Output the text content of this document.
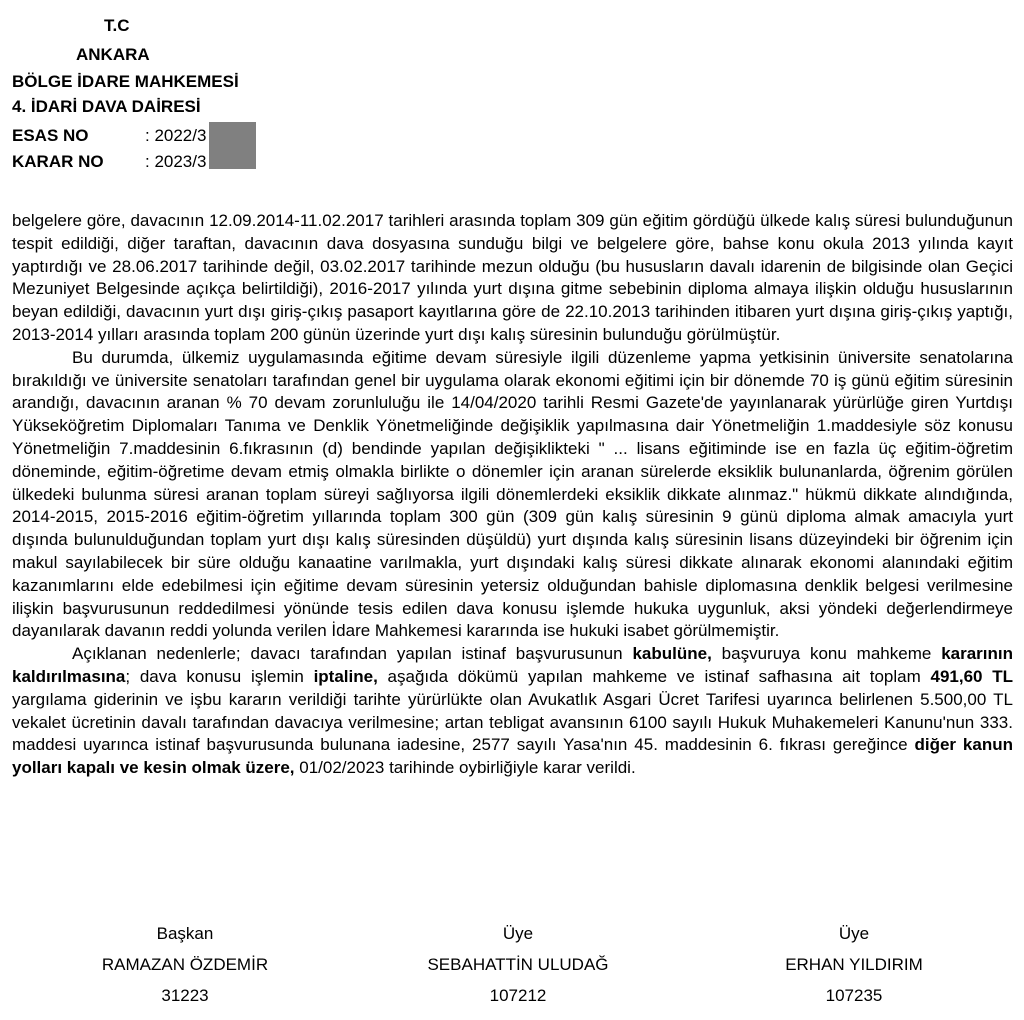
T.C
ANKARA
BÖLGE İDARE MAHKEMESİ
4. İDARİ DAVA DAİRESİ
ESAS NO	: 2022/3
KARAR NO : 2023/3

belgelere göre, davacının 12.09.2014-11.02.2017 tarihleri arasında toplam 309 gün eğitim gördüğü ülkede kalış süresi bulunduğunun tespit edildiği, diğer taraftan, davacının dava dosyasına sunduğu bilgi ve belgelere göre, bahse konu okula 2013 yılında kayıt yaptırdığı ve 28.06.2017 tarihinde değil, 03.02.2017 tarihinde mezun olduğu (bu hususların davalı idarenin de bilgisinde olan Geçici Mezuniyet Belgesinde açıkça belirtildiği), 2016-2017 yılında yurt dışına gitme sebebinin diploma almaya ilişkin olduğu hususlarının beyan edildiği, davacının yurt dışı giriş-çıkış pasaport kayıtlarına göre de 22.10.2013 tarihinden itibaren yurt dışına giriş-çıkış yaptığı, 2013-2014 yılları arasında toplam 200 günün üzerinde yurt dışı kalış süresinin bulunduğu görülmüştür.

Bu durumda, ülkemiz uygulamasında eğitime devam süresiyle ilgili düzenleme yapma yetkisinin üniversite senatolarına bırakıldığı ve üniversite senatoları tarafından genel bir uygulama olarak ekonomi eğitimi için bir dönemde 70 iş günü eğitim süresinin arandığı, davacının aranan % 70 devam zorunluluğu ile 14/04/2020 tarihli Resmi Gazete'de yayınlanarak yürürlüğe giren Yurtdışı Yükseköğretim Diplomaları Tanıma ve Denklik Yönetmeliğinde değişiklik yapılmasına dair Yönetmeliğin 1.maddesiyle söz konusu Yönetmeliğin 7.maddesinin 6.fıkrasının (d) bendinde yapılan değişiklikteki " ... lisans eğitiminde ise en fazla üç eğitim-öğretim döneminde, eğitim-öğretime devam etmiş olmakla birlikte o dönemler için aranan sürelerde eksiklik bulunanlarda, öğrenim görülen ülkedeki bulunma süresi aranan toplam süreyi sağlıyorsa ilgili dönemlerdeki eksiklik dikkate alınmaz." hükmü dikkate alındığında, 2014-2015, 2015-2016 eğitim-öğretim yıllarında toplam 300 gün (309 gün kalış süresinin 9 günü diploma almak amacıyla yurt dışında bulunulduğundan toplam yurt dışı kalış süresinden düşüldü) yurt dışında kalış süresinin lisans düzeyindeki bir öğrenim için makul sayılabilecek bir süre olduğu kanaatine varılmakla, yurt dışındaki kalış süresi dikkate alınarak ekonomi alanındaki eğitim kazanımlarını elde edebilmesi için eğitime devam süresinin yetersiz olduğundan bahisle diplomasına denklik belgesi verilmesine ilişkin başvurusunun reddedilmesi yönünde tesis edilen dava konusu işlemde hukuka uygunluk, aksi yöndeki değerlendirmeye dayanılarak davanın reddi yolunda verilen İdare Mahkemesi kararında ise hukuki isabet görülmemiştir.

Açıklanan nedenlerle; davacı tarafından yapılan istinaf başvurusunun kabulüne, başvuruya konu mahkeme kararının kaldırılmasına; dava konusu işlemin iptaline, aşağıda dökümü yapılan mahkeme ve istinaf safhasına ait toplam 491,60 TL yargılama giderinin ve işbu kararın verildiği tarihte yürürlükte olan Avukatlık Asgari Ücret Tarifesi uyarınca belirlenen 5.500,00 TL vekalet ücretinin davalı tarafından davacıya verilmesine; artan tebligat avansının 6100 sayılı Hukuk Muhakemeleri Kanunu'nun 333. maddesi uyarınca istinaf başvurusunda bulunana iadesine, 2577 sayılı Yasa'nın 45. maddesinin 6. fıkrası gereğince diğer kanun yolları kapalı ve kesin olmak üzere, 01/02/2023 tarihinde oybirliğiyle karar verildi.

Başkan
RAMAZAN ÖZDEMİR
31223
Üye
SEBAHATTİN ULUDAĞ
107212
Üye
ERHAN YILDIRIM
107235
